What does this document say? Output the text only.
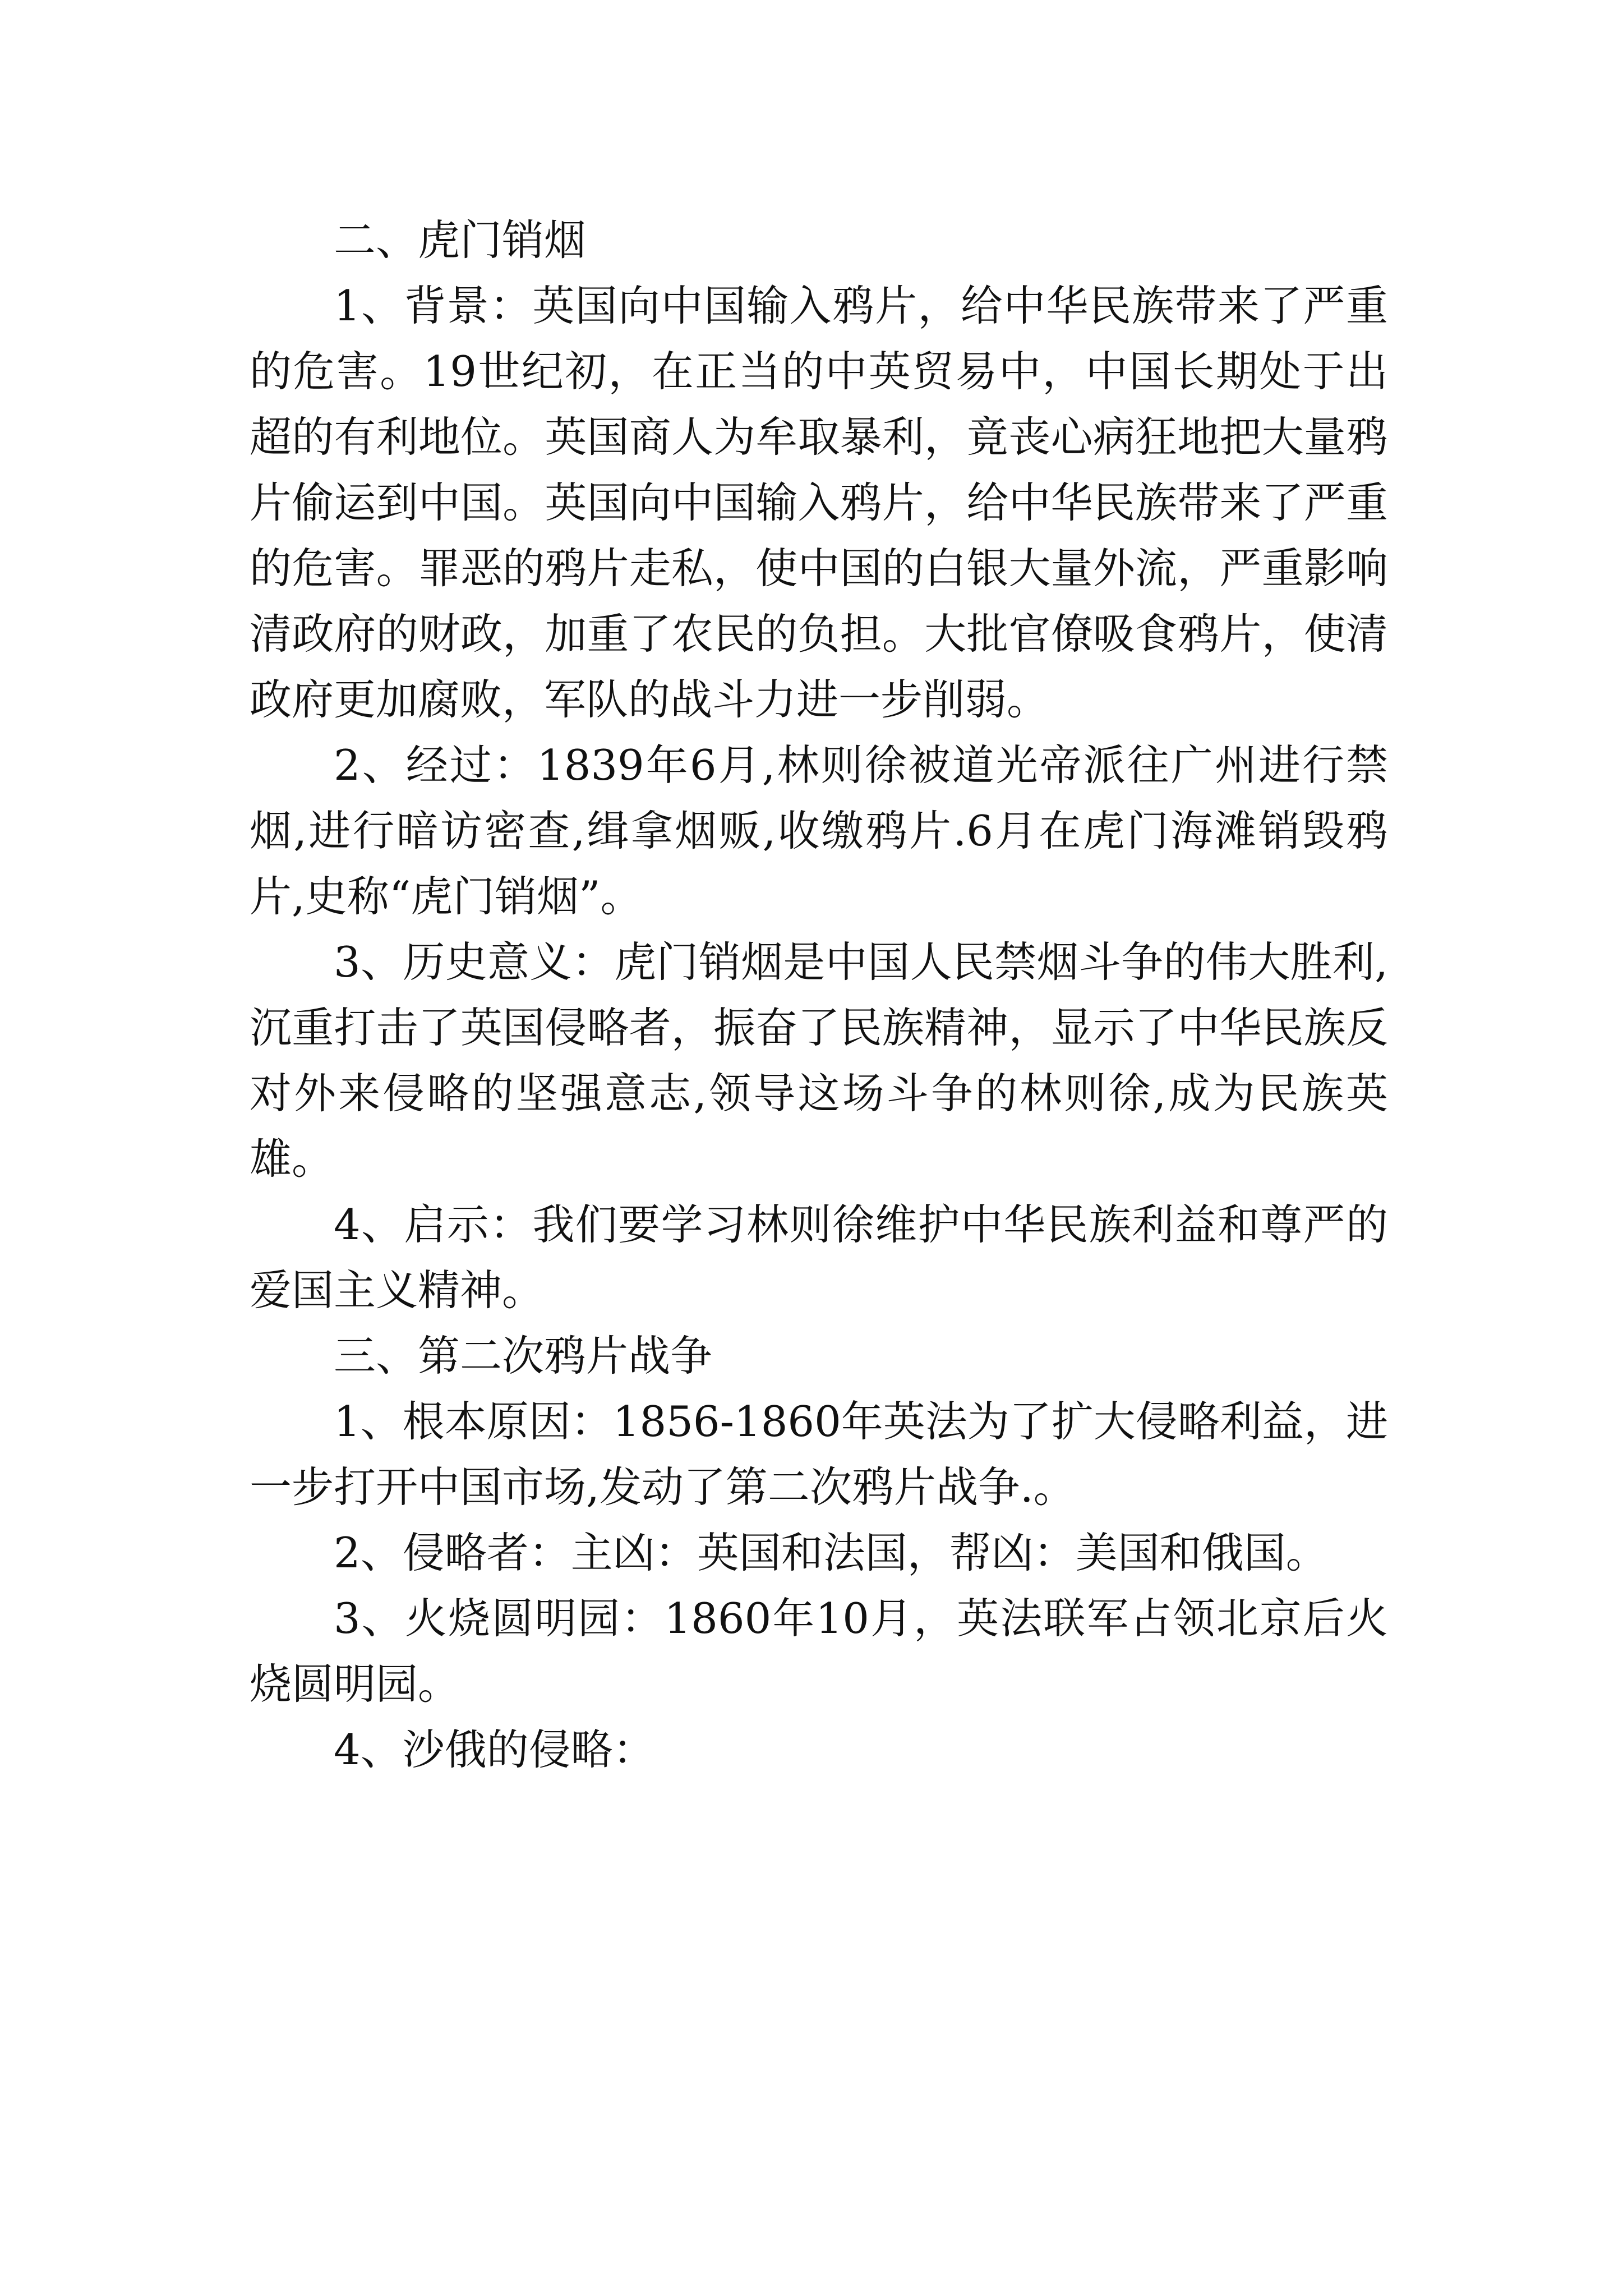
二、虎门销烟

1、背景：英国向中国输入鸦片，给中华民族带来了严重的危害。19世纪初，在正当的中英贸易中，中国长期处于出超的有利地位。英国商人为牟取暴利，竟丧心病狂地把大量鸦片偷运到中国。英国向中国输入鸦片，给中华民族带来了严重的危害。罪恶的鸦片走私，使中国的白银大量外流，严重影响清政府的财政，加重了农民的负担。大批官僚吸食鸦片，使清政府更加腐败，军队的战斗力进一步削弱。

2、经过：1839年6月,林则徐被道光帝派往广州进行禁烟,进行暗访密查,缉拿烟贩,收缴鸦片.6月在虎门海滩销毁鸦片,史称“虎门销烟”。

3、历史意义：虎门销烟是中国人民禁烟斗争的伟大胜利,沉重打击了英国侵略者，振奋了民族精神，显示了中华民族反对外来侵略的坚强意志,领导这场斗争的林则徐,成为民族英雄。

4、启示：我们要学习林则徐维护中华民族利益和尊严的爱国主义精神。

三、第二次鸦片战争

1、根本原因：1856-1860年英法为了扩大侵略利益，进一步打开中国市场,发动了第二次鸦片战争.。

2、侵略者：主凶：英国和法国，帮凶：美国和俄国。

3、火烧圆明园：1860年10月，英法联军占领北京后火烧圆明园。

4、沙俄的侵略：
